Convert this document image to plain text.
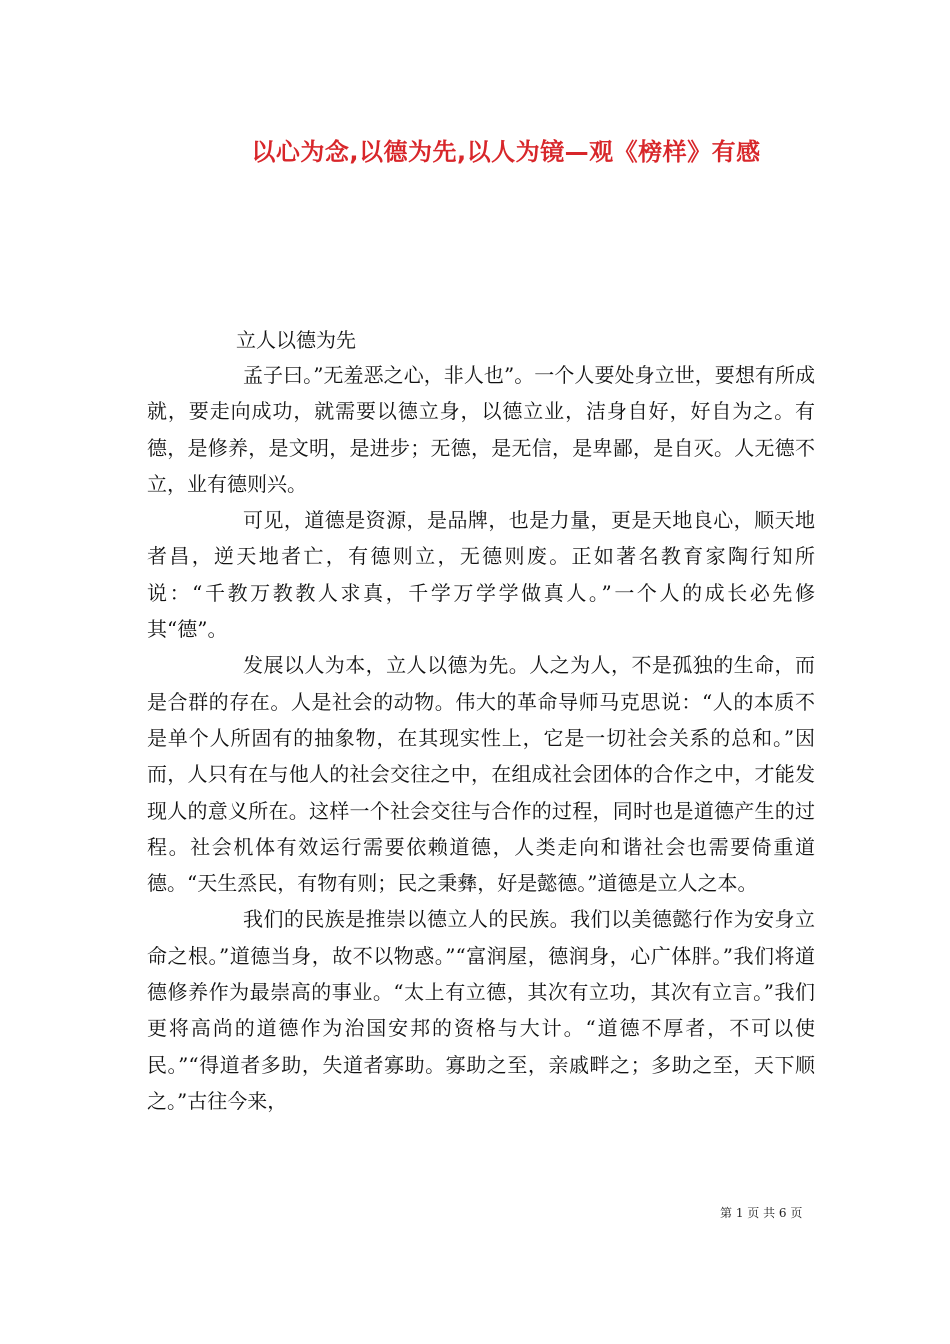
以心为念,以德为先,以人为镜—观《榜样》有感
立人以德为先

孟子曰。”无羞恶之心，非人也”。一个人要处身立世，要想有所成就，要走向成功，就需要以德立身，以德立业，洁身自好，好自为之。有德，是修养，是文明，是进步；无德，是无信，是卑鄙，是自灭。人无德不立，业有德则兴。

可见，道德是资源，是品牌，也是力量，更是天地良心，顺天地者昌，逆天地者亡，有德则立，无德则废。正如著名教育家陶行知所说：“千教万教教人求真，千学万学学做真人。”一个人的成长必先修其“德”。

发展以人为本，立人以德为先。人之为人，不是孤独的生命，而是合群的存在。人是社会的动物。伟大的革命导师马克思说：“人的本质不是单个人所固有的抽象物，在其现实性上，它是一切社会关系的总和。”因而，人只有在与他人的社会交往之中，在组成社会团体的合作之中，才能发现人的意义所在。这样一个社会交往与合作的过程，同时也是道德产生的过程。社会机体有效运行需要依赖道德，人类走向和谐社会也需要倚重道德。“天生烝民，有物有则；民之秉彝，好是懿德。”道德是立人之本。

我们的民族是推崇以德立人的民族。我们以美德懿行作为安身立命之根。”道德当身，故不以物惑。”“富润屋，德润身，心广体胖。”我们将道德修养作为最崇高的事业。“太上有立德，其次有立功，其次有立言。”我们更将高尚的道德作为治国安邦的资格与大计。“道德不厚者，不可以使民。”“得道者多助，失道者寡助。寡助之至，亲戚畔之；多助之至，天下顺之。”古往今来，

第 1 页 共 6 页
